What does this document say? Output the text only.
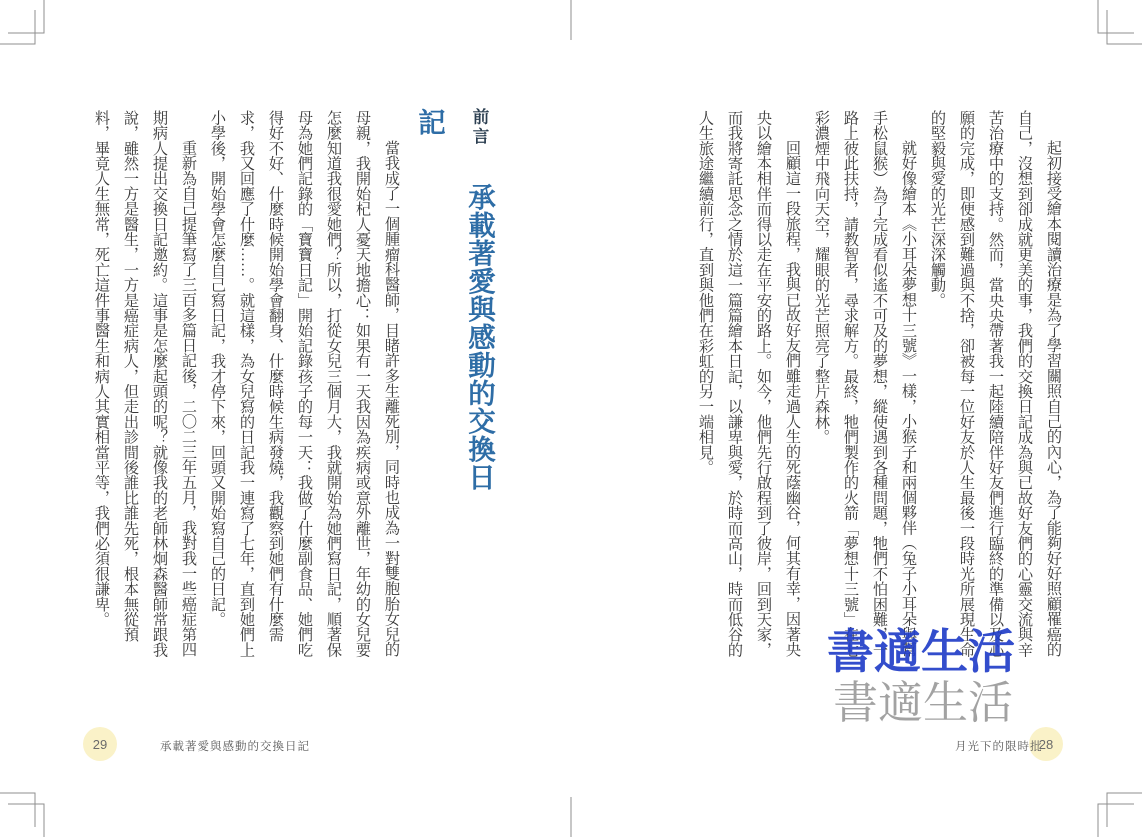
起初接受繪本閱讀治療是為了學習關照自己的內心，為了能夠好好照顧罹癌的自己，沒想到卻成就更美的事，我們的交換日記成為與已故好友們的心靈交流與辛苦治療中的支持。然而，當央央帶著我一起陸續陪伴好友們進行臨終的準備以及心願的完成，即便感到難過與不捨，卻被每一位好友於人生最後一段時光所展現生命的堅毅與愛的光芒深深觸動。

就好像繪本《小耳朵夢想十三號》一樣，小猴子和兩個夥伴（兔子小耳朵與幫手松鼠猴）為了完成看似遙不可及的夢想，縱使遇到各種問題，牠們不怕困難，一路上彼此扶持，請教智者，尋求解方。最終，牠們製作的火箭「夢想十三號」在七彩濃煙中飛向天空，耀眼的光芒照亮了整片森林。

回顧這一段旅程，我與已故好友們雖走過人生的死蔭幽谷，何其有幸，因著央央以繪本相伴而得以走在平安的路上。如今，他們先行啟程到了彼岸，回到天家，而我將寄託思念之情於這一篇篇繪本日記，以謙卑與愛，於時而高山，時而低谷的人生旅途繼續前行，直到與他們在彩虹的另一端相見。

28
月光下的限時批
書適生活
書適生活
前言承載著愛與感動的交換日記

當我成了一個腫瘤科醫師，目睹許多生離死別，同時也成為一對雙胞胎女兒的母親，我開始杞人憂天地擔心：如果有一天我因為疾病或意外離世，年幼的女兒要怎麼知道我很愛她們？所以，打從女兒三個月大，我就開始為她們寫日記，順著保母為她們記錄的「寶寶日記」開始記錄孩子的每一天：我做了什麼副食品、她們吃得好不好、什麼時候開始學會翻身、什麼時候生病發燒，我觀察到她們有什麼需求，我又回應了什麼……。就這樣，為女兒寫的日記我一連寫了七年，直到她們上小學後，開始學會怎麼自己寫日記，我才停下來，回頭又開始寫自己的日記。

重新為自己提筆寫了三百多篇日記後，二〇二三年五月，我對我一些癌症第四期病人提出交換日記邀約。這事是怎麼起頭的呢？就像我的老師林炯森醫師常跟我說，雖然一方是醫生，一方是癌症病人，但走出診間後誰比誰先死，根本無從預料，畢竟人生無常，死亡這件事醫生和病人其實相當平等，我們必須很謙卑。

29	承載著愛與感動的交換日記
